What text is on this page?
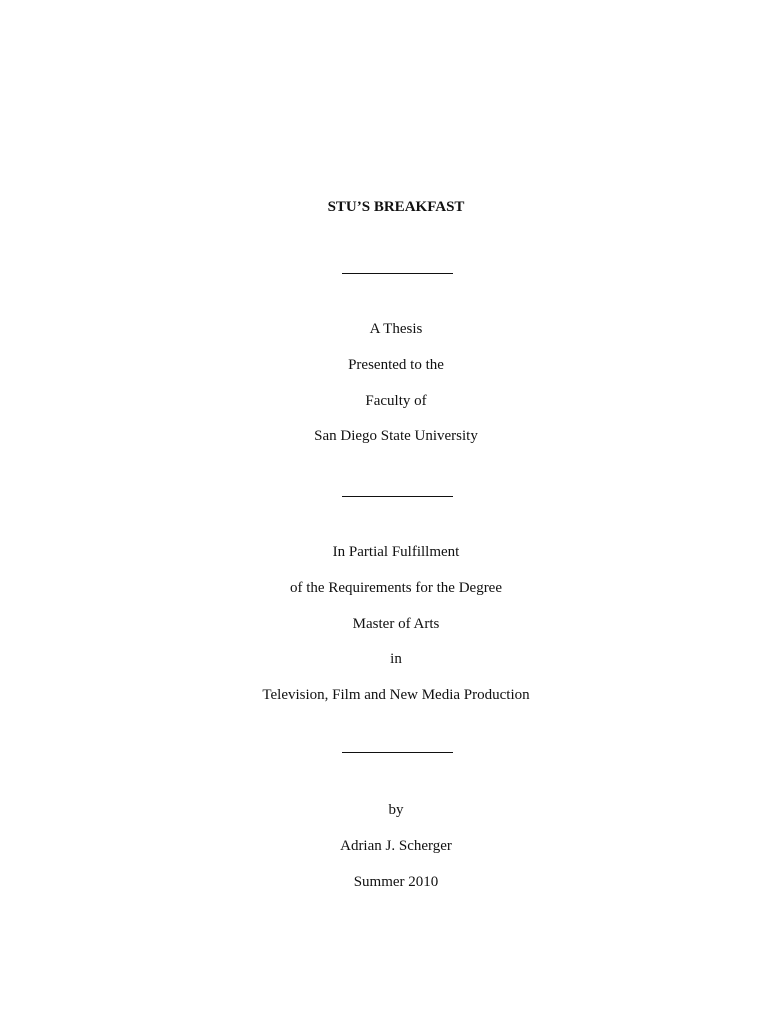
STU’S BREAKFAST
A Thesis
Presented to the
Faculty of
San Diego State University
In Partial Fulfillment
of the Requirements for the Degree
Master of Arts
in
Television, Film and New Media Production
by
Adrian J. Scherger
Summer 2010
